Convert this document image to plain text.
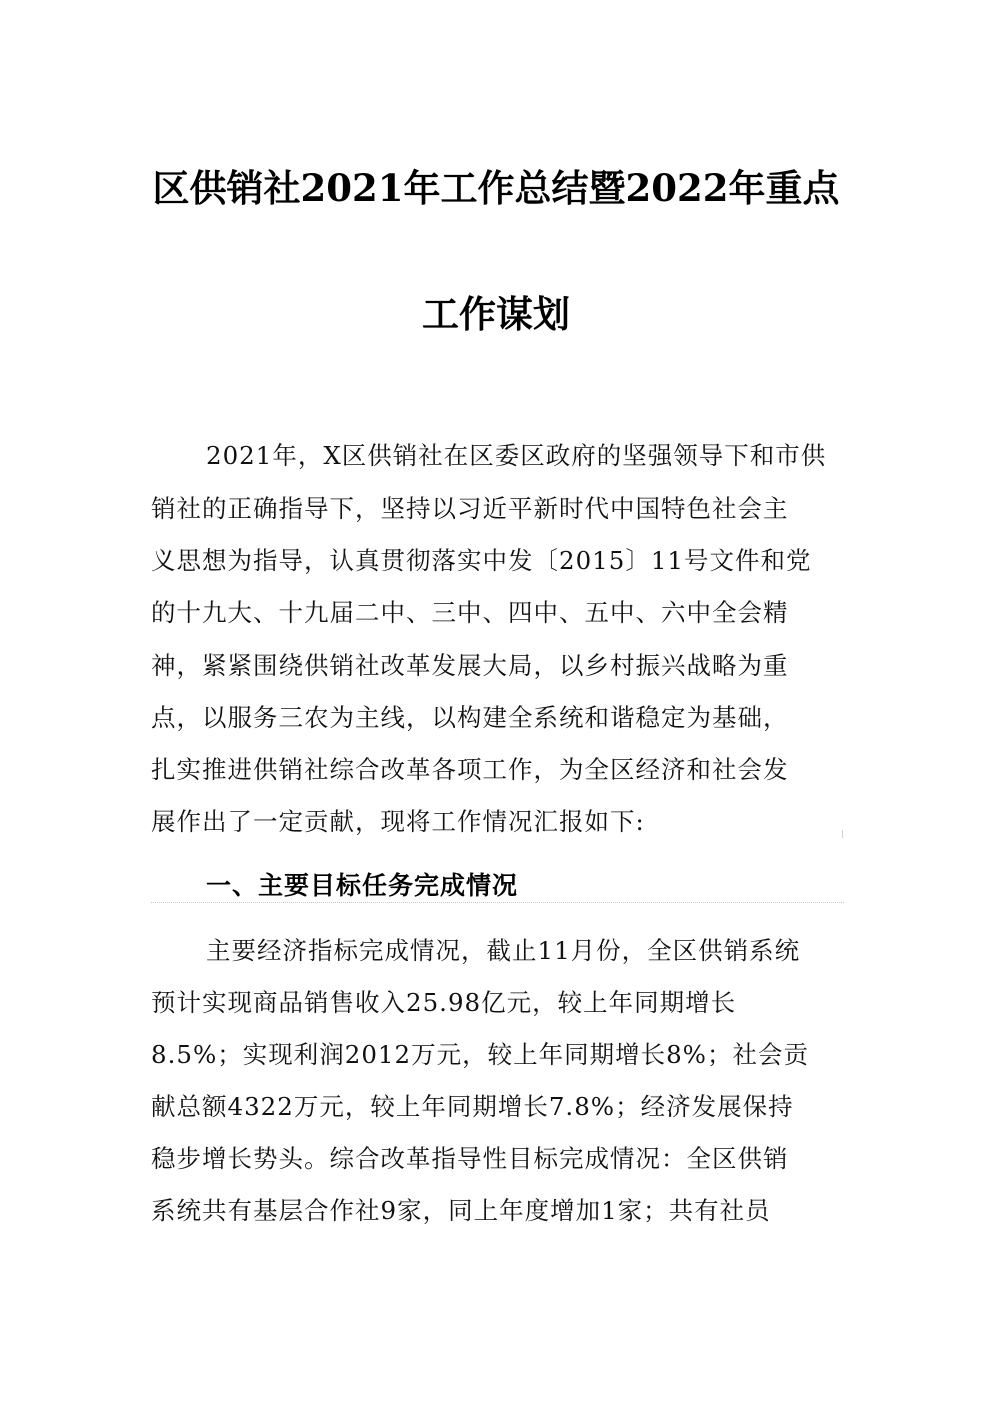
区供销社2021年工作总结暨2022年重点
工作谋划
2021年，X区供销社在区委区政府的坚强领导下和市供
销社的正确指导下，坚持以习近平新时代中国特色社会主
义思想为指导，认真贯彻落实中发〔2015〕11号文件和党
的十九大、十九届二中、三中、四中、五中、六中全会精
神，紧紧围绕供销社改革发展大局，以乡村振兴战略为重
点，以服务三农为主线，以构建全系统和谐稳定为基础，
扎实推进供销社综合改革各项工作，为全区经济和社会发
展作出了一定贡献，现将工作情况汇报如下:
一、主要目标任务完成情况
主要经济指标完成情况，截止11月份，全区供销系统
预计实现商品销售收入25.98亿元，较上年同期增长
8.5%；实现利润2012万元，较上年同期增长8%；社会贡
献总额4322万元，较上年同期增长7.8%；经济发展保持
稳步增长势头。综合改革指导性目标完成情况：全区供销
系统共有基层合作社9家，同上年度增加1家；共有社员
